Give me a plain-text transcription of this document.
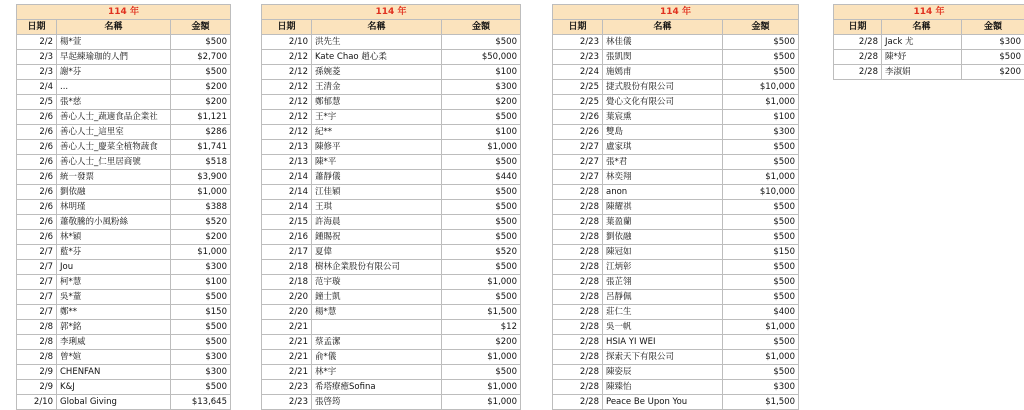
114 年		
日期	名稱	金額
2/2	楊*萱	$500
2/3	早起練瑜珈的人們	$2,700
2/3	謝*芬	$500
2/4	...	$200
2/5	張*慈	$200
2/6	善心人士_蔬適食品企業社	$1,121
2/6	善心人士_這里室	$286
2/6	善心人士_慶菜全植物蔬食	$1,741
2/6	善心人士_仁里居商號	$518
2/6	統一發票	$3,900
2/6	劉依融	$1,000
2/6	林明瑾	$388
2/6	蕭敬騰的小風粉絲	$520
2/6	林*穎	$200
2/7	藍*芬	$1,000
2/7	Jou	$300
2/7	柯*慧	$100
2/7	吳*蕫	$500
2/7	鄭**	$150
2/8	郭*銘	$500
2/8	李琍威	$500
2/8	曾*媗	$300
2/9	CHENFAN	$300
2/9	K&J	$500
2/10	Global Giving	$13,645
114 年		
日期	名稱	金額
2/10	洪先生	$500
2/12	Kate Chao 趙心柔	$50,000
2/12	孫婉菱	$100
2/12	王清金	$300
2/12	鄭郁慧	$200
2/12	王*宇	$500
2/12	紀**	$100
2/13	陳修平	$1,000
2/13	陳*平	$500
2/14	蕭靜儀	$440
2/14	江佳穎	$500
2/14	王琪	$500
2/15	許海晨	$500
2/16	鍾賜祝	$500
2/17	夏偉	$520
2/18	樹林企業股份有限公司	$500
2/18	范宇璇	$1,000
2/20	鐘士凱	$500
2/20	楊*慧	$1,500
2/21		$12
2/21	蔡孟潔	$200
2/21	俞*儀	$1,000
2/21	林*宇	$500
2/23	希塔療癒Sofina	$1,000
2/23	張啓筠	$1,000
114 年		
日期	名稱	金額
2/23	林佳儀	$500
2/23	張凱閔	$500
2/24	施嫣甫	$500
2/25	捷式股份有限公司	$10,000
2/25	覺心文化有限公司	$1,000
2/26	葉宸熏	$100
2/26	雙島	$300
2/27	盧家琪	$500
2/27	張*君	$500
2/27	林奕翔	$1,000
2/28	anon	$10,000
2/28	陳耀祺	$500
2/28	葉盈蘭	$500
2/28	劉依融	$500
2/28	陳冠如	$150
2/28	江炳彰	$500
2/28	張芷翎	$500
2/28	呂靜佩	$500
2/28	莊仁生	$400
2/28	吳一帆	$1,000
2/28	HSIA YI WEI	$500
2/28	探索天下有限公司	$1,000
2/28	陳姿辰	$500
2/28	陳臻怡	$300
2/28	Peace Be Upon You	$1,500
114 年		
日期	名稱	金額
2/28	Jack 尤	$300
2/28	陳*妤	$500
2/28	李淑娟	$200
